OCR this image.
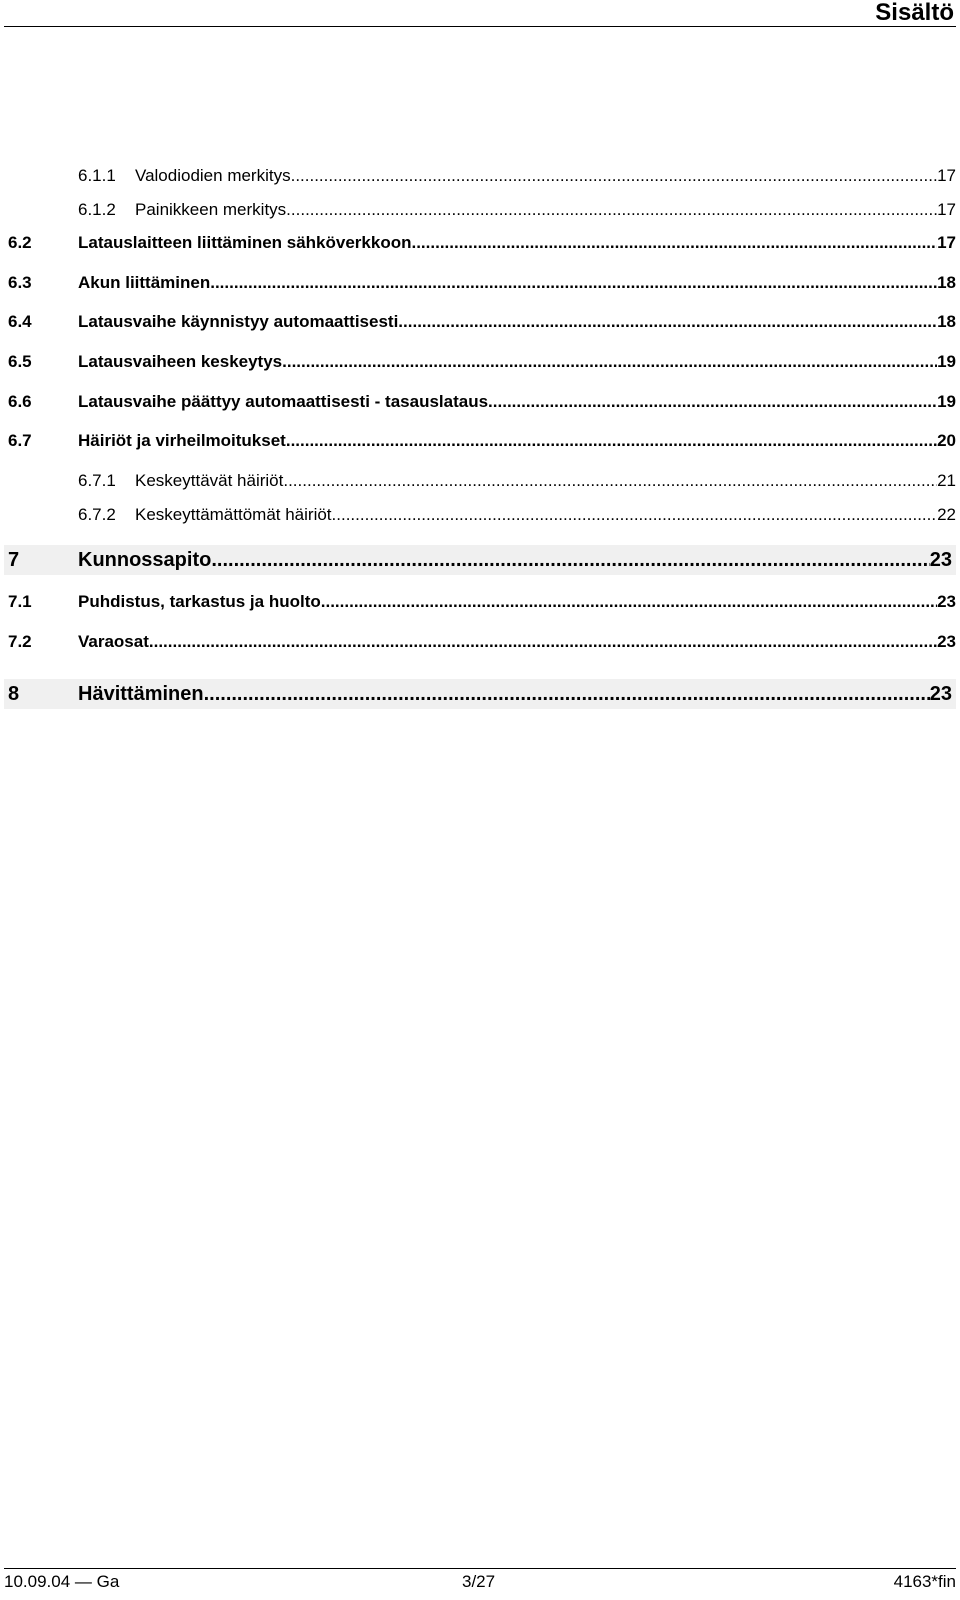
Sisältö
6.1.1 Valodiodien merkitys .....	17
6.1.2 Painikkeen merkitys .....	17
6.2	Latauslaitteen liittäminen sähköverkkoon .....	17
6.3	Akun liittäminen .....	18
6.4	Latausvaihe käynnistyy automaattisesti .....	18
6.5	Latausvaiheen keskeytys .....	19
6.6	Latausvaihe päättyy automaattisesti - tasauslataus .....	19
6.7	Häiriöt ja virheilmoitukset .....	20
6.7.1 Keskeyttävät häiriöt .....	21
6.7.2 Keskeyttämättömät häiriöt .....	22
7	Kunnossapito .....	23
7.1	Puhdistus, tarkastus ja huolto .....	23
7.2	Varaosat .....	23
8	Hävittäminen .....	23
10.09.04 — Ga	3/27	4163*fin
